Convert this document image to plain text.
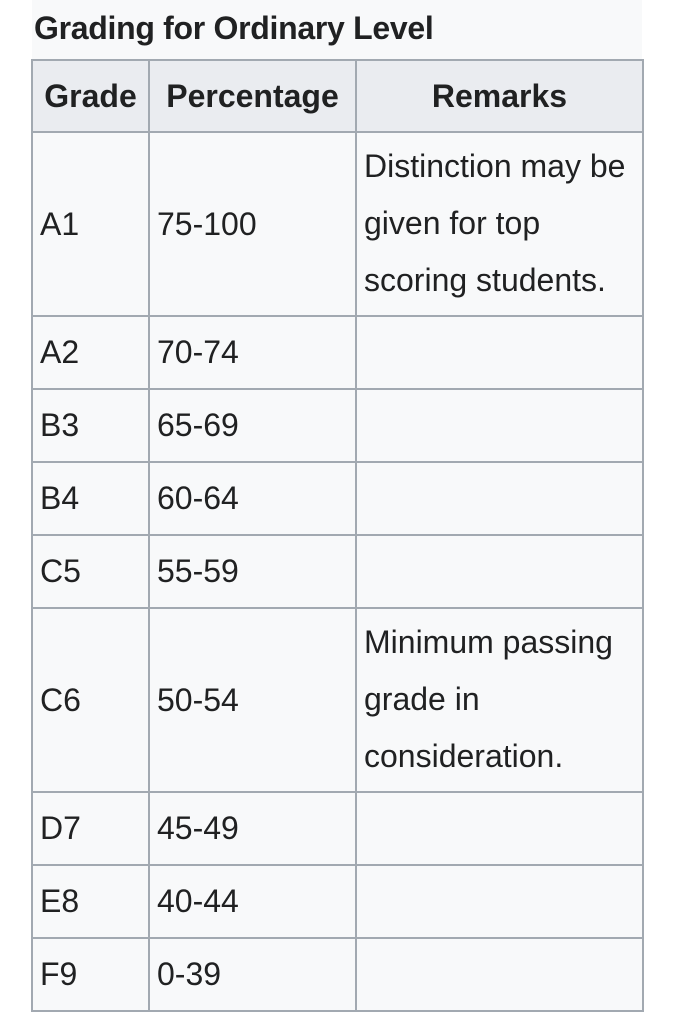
Grading for Ordinary Level
Grade	Percentage	Remarks
A1	75-100	Distinction may be given for top scoring students.
A2	70-74	
B3	65-69	
B4	60-64	
C5	55-59	
C6	50-54	Minimum passing grade in consideration.
D7	45-49	
E8	40-44	
F9	0-39	
